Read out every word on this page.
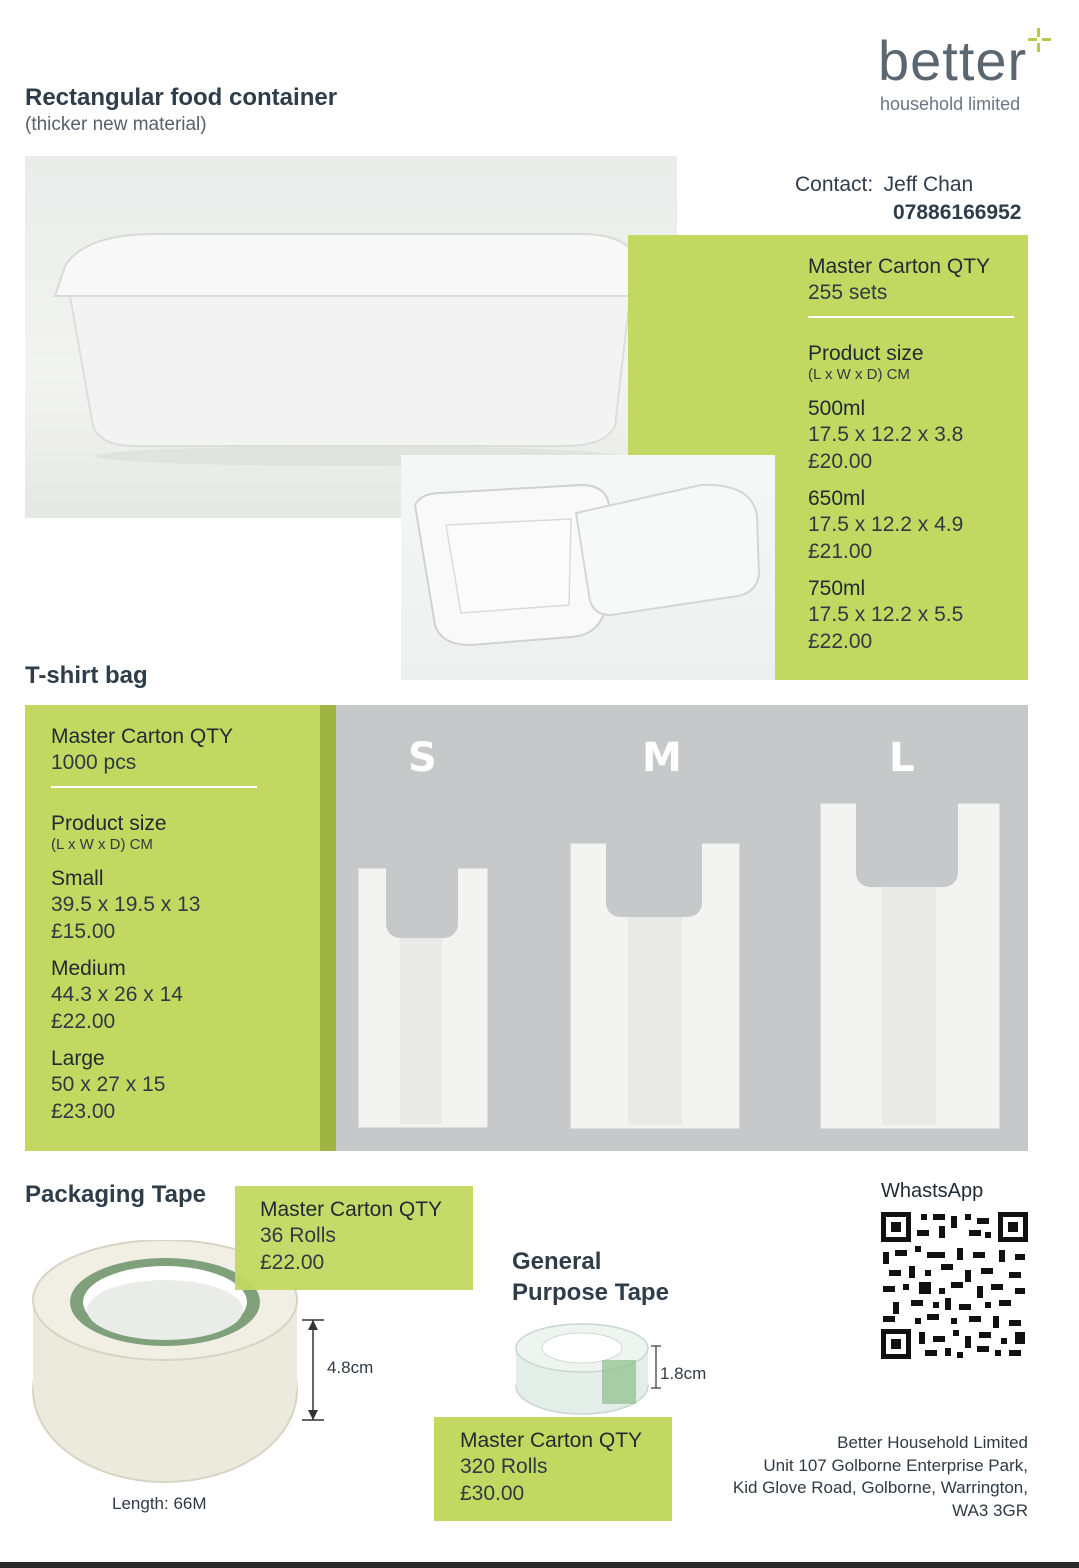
better
household limited
Rectangular food container
(thicker new material)
Contact: Jeff Chan
07886166952
Master Carton QTY
255 sets
Product size
(L x W x D) CM
500ml
17.5 x 12.2 x 3.8
£20.00
650ml
17.5 x 12.2 x 4.9
£21.00
750ml
17.5 x 12.2 x 5.5
£22.00
T-shirt bag
Master Carton QTY
1000 pcs
Product size
(L x W x D) CM
Small
39.5 x 19.5 x 13
£15.00
Medium
44.3 x 26 x 14
£22.00
Large
50 x 27 x 15
£23.00
S	M	L
Packaging Tape
4.8cm
Length: 66M
Master Carton QTY
36 Rolls
£22.00	General
Purpose Tape
1.8cm
Master Carton QTY
320 Rolls
£30.00
WhastsApp
Better Household Limited
Unit 107 Golborne Enterprise Park,
Kid Glove Road, Golborne, Warrington,
WA3 3GR
